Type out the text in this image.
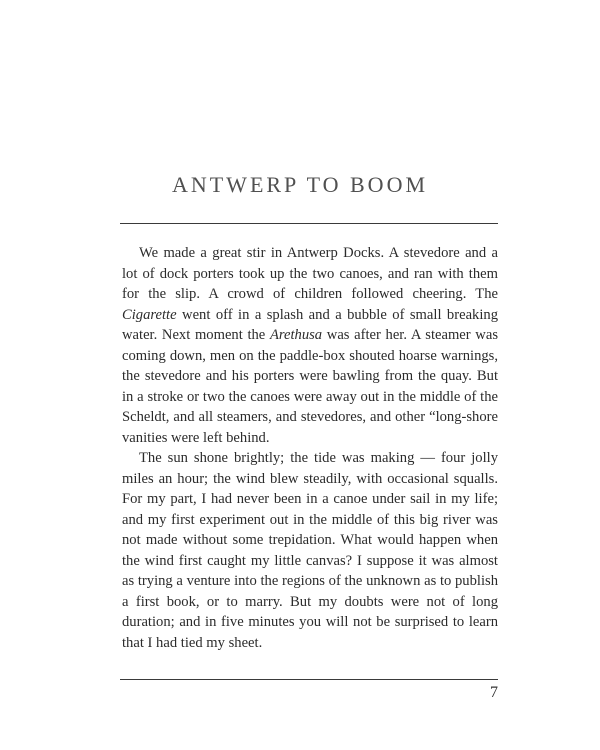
ANTWERP TO BOOM

We made a great stir in Antwerp Docks. A stevedore and a lot of dock porters took up the two canoes, and ran with them for the slip. A crowd of children followed cheering. The Cigarette went off in a splash and a bubble of small breaking water. Next moment the Arethusa was after her. A steamer was coming down, men on the paddle-box shouted hoarse warnings, the stevedore and his porters were bawling from the quay. But in a stroke or two the canoes were away out in the middle of the Scheldt, and all steamers, and stevedores, and other “long-shore vanities were left behind.

The sun shone brightly; the tide was making — four jolly miles an hour; the wind blew steadily, with occasional squalls. For my part, I had never been in a canoe under sail in my life; and my first experiment out in the middle of this big river was not made without some trepidation. What would happen when the wind first caught my little canvas? I suppose it was almost as trying a venture into the regions of the unknown as to publish a first book, or to marry. But my doubts were not of long duration; and in five minutes you will not be surprised to learn that I had tied my sheet.

7
